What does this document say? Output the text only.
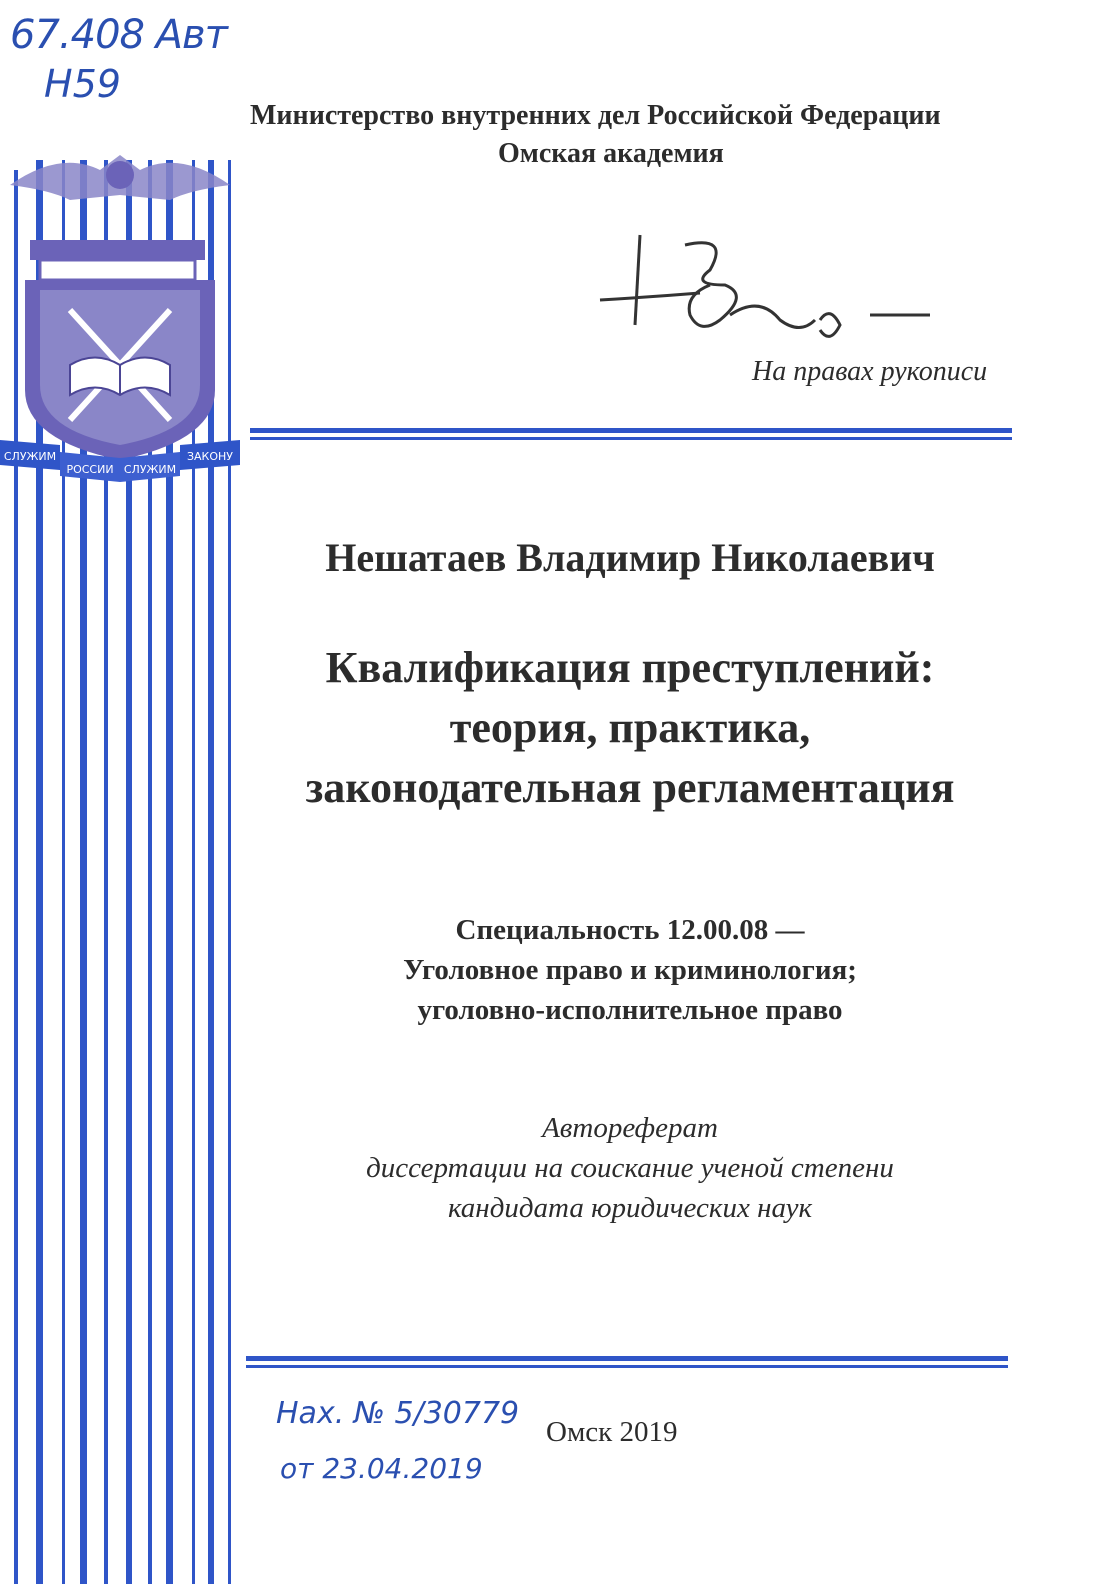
67.408 Авт
Н59
СЛУЖИМ
РОССИИ СЛУЖИМ
ЗАКОНУ
Министерство внутренних дел Российской Федерации
Омская академия
На правах рукописи
Нешатаев Владимир Николаевич
Квалификация преступлений:
теория, практика,
законодательная регламентация
Специальность 12.00.08 —
Уголовное право и криминология;
уголовно-исполнительное право
Автореферат
диссертации на соискание ученой степени
кандидата юридических наук
Нах. № 5/30779
от 23.04.2019
Омск 2019
